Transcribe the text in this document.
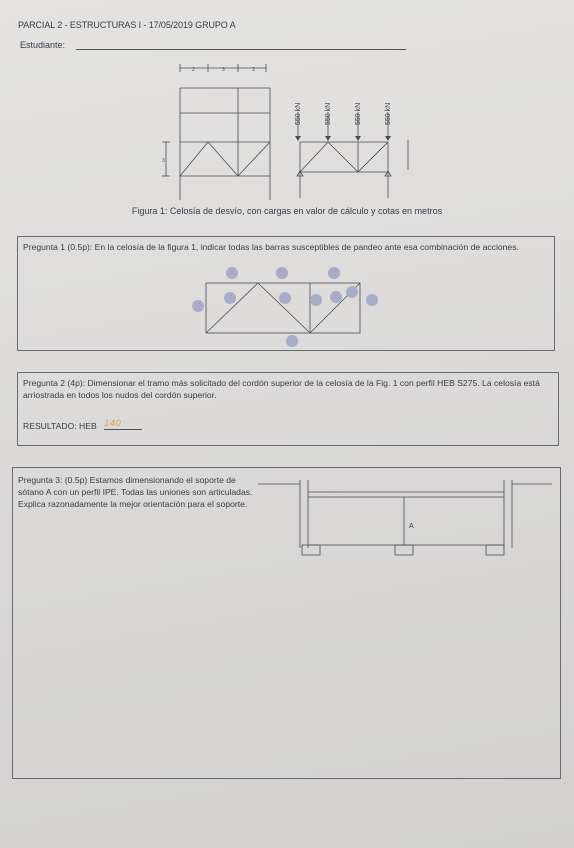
PARCIAL 2 - ESTRUCTURAS I - 17/05/2019 GRUPO A
Estudiante:
2	3	3
3
550 kN	550 kN	550 kN	550 kN
Figura 1: Celosía de desvío, con cargas en valor de cálculo y cotas en metros
Pregunta 1 (0.5p): En la celosía de la figura 1, indicar todas las barras susceptibles de pandeo ante esa combinación de acciones.
Pregunta 2 (4p): Dimensionar el tramo más solicitado del cordón superior de la celosía de la Fig. 1 con perfil HEB S275. La celosía está arriostrada en todos los nudos del cordón superior.
RESULTADO: HEB 140
Pregunta 3: (0.5p) Estamos dimensionando el soporte de sótano A con un perfil IPE. Todas las uniones son articuladas. Explica razonadamente la mejor orientación para el soporte.
A
